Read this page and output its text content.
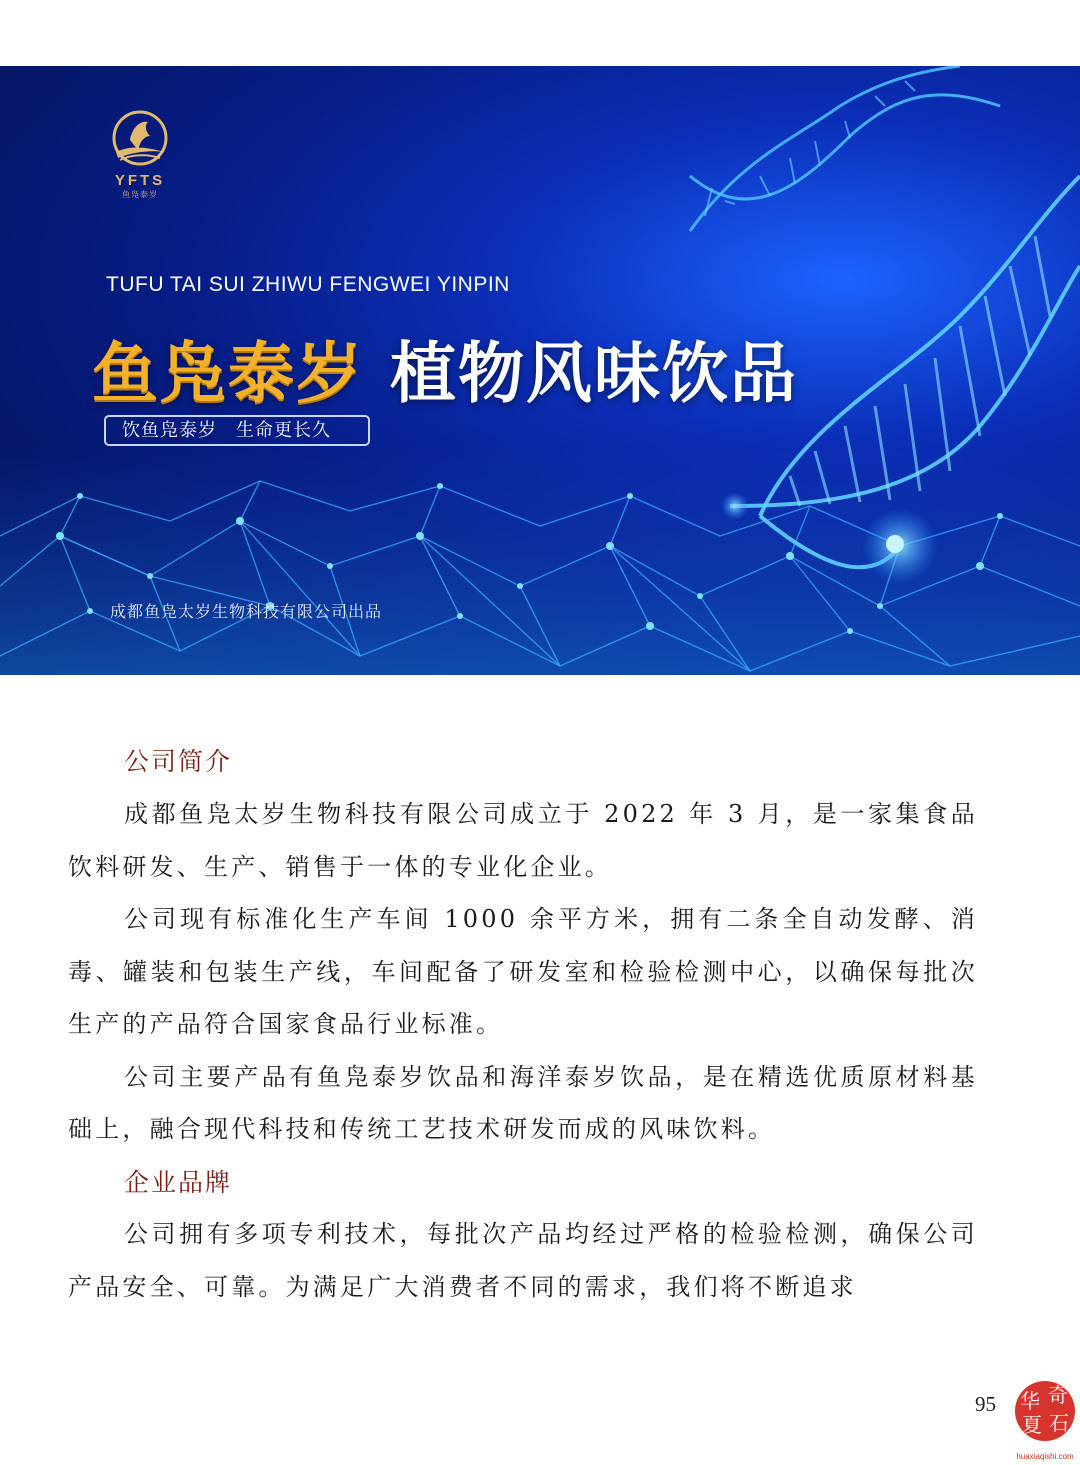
YFTS
鱼凫泰岁
TUFU TAI SUI ZHIWU FENGWEI YINPIN
鱼凫泰岁 植物风味饮品
饮鱼凫泰岁　生命更长久
成都鱼凫太岁生物科技有限公司出品
公司简介

成都鱼凫太岁生物科技有限公司成立于 2022 年 3 月，是一家集食品饮料研发、生产、销售于一体的专业化企业。

公司现有标准化生产车间 1000 余平方米，拥有二条全自动发酵、消毒、罐装和包装生产线，车间配备了研发室和检验检测中心，以确保每批次生产的产品符合国家食品行业标准。

公司主要产品有鱼凫泰岁饮品和海洋泰岁饮品，是在精选优质原材料基础上，融合现代科技和传统工艺技术研发而成的风味饮料。

企业品牌

公司拥有多项专利技术，每批次产品均经过严格的检验检测，确保公司产品安全、可靠。为满足广大消费者不同的需求，我们将不断追求

95 华 奇
夏 石
huaxiaqishi.com
